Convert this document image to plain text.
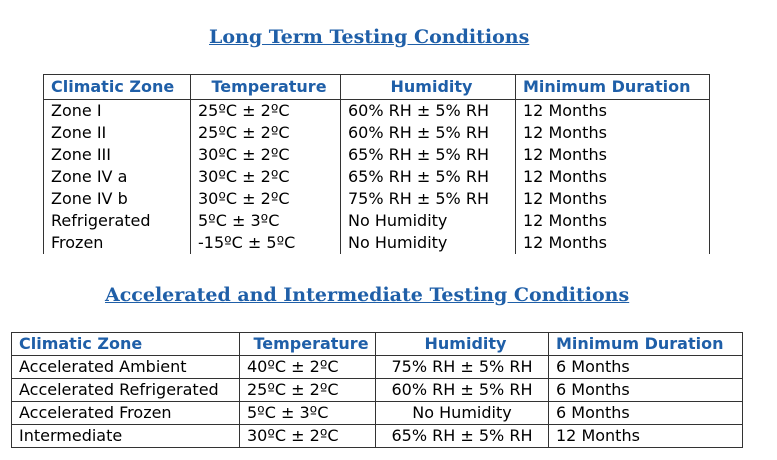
Long Term Testing Conditions
Climatic Zone	Temperature	Humidity	Minimum Duration
Zone I	25ºC ± 2ºC	60% RH ± 5% RH	12 Months
Zone II	25ºC ± 2ºC	60% RH ± 5% RH	12 Months
Zone III	30ºC ± 2ºC	65% RH ± 5% RH	12 Months
Zone IV a	30ºC ± 2ºC	65% RH ± 5% RH	12 Months
Zone IV b	30ºC ± 2ºC	75% RH ± 5% RH	12 Months
Refrigerated	5ºC ± 3ºC	No Humidity	12 Months
Frozen	-15ºC ± 5ºC	No Humidity	12 Months
Accelerated and Intermediate Testing Conditions
Climatic Zone	Temperature	Humidity	Minimum Duration
Accelerated Ambient	40ºC ± 2ºC	75% RH ± 5% RH	6 Months
Accelerated Refrigerated	25ºC ± 2ºC	60% RH ± 5% RH	6 Months
Accelerated Frozen	5ºC ± 3ºC	No Humidity	6 Months
Intermediate	30ºC ± 2ºC	65% RH ± 5% RH	12 Months
